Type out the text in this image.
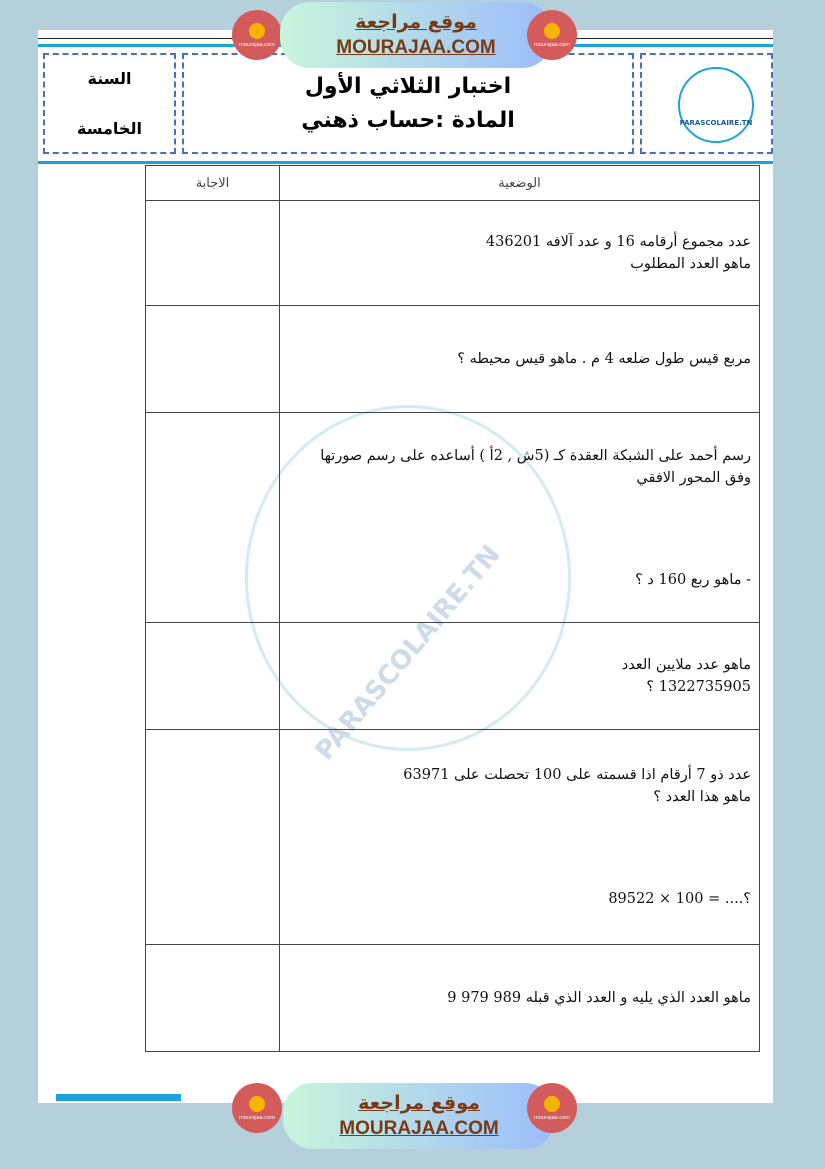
السنة
الخامسة
اختبار الثلاثي الأول
المادة :حساب ذهني	PARASCOLAIRE.TN
PARASCOLAIRE.TN
الوضعية	الاجابة

عدد مجموع أرقامه 16 و عدد آلافه 436201
ماهو العدد المطلوب	

مربع قيس طول ضلعه 4 م . ماهو قيس محيطه ؟	

رسم أحمد على الشبكة العقدة كـ (5ش , 2أ ) أساعده على رسم صورتها
وفق المحور الافقي
- ماهو ربع 160 د ؟	

ماهو عدد ملايين العدد
1322735905 ؟	

عدد ذو 7 أرقام اذا قسمته على 100 تحصلت على 63971
ماهو هذا العدد ؟
89522 × 100 = ....؟	

ماهو العدد الذي يليه و العدد الذي قبله 989 979 9	

mourajaa.com
موقع مراجعة
MOURAJAA.COM	mourajaa.com
mourajaa.com
موقع مراجعة
MOURAJAA.COM
mourajaa.com
